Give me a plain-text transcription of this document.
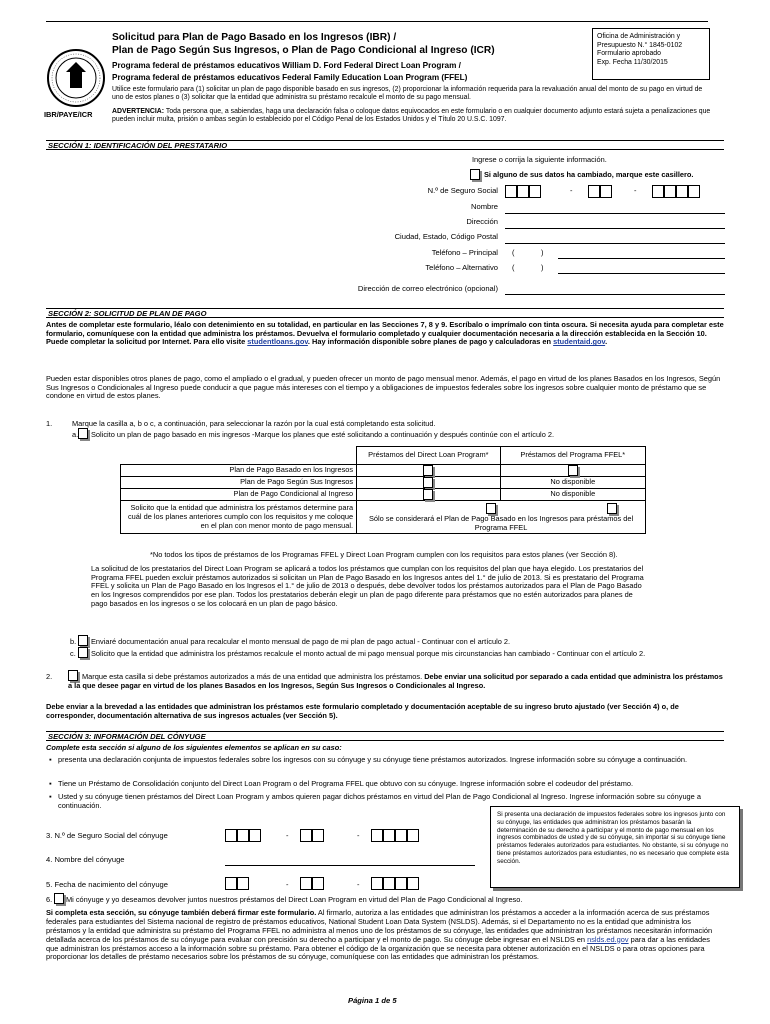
IBR/PAYE/ICR
Solicitud para Plan de Pago Basado en los Ingresos (IBR) /
Plan de Pago Según Sus Ingresos, o Plan de Pago Condicional al Ingreso (ICR)
Programa federal de préstamos educativos William D. Ford Federal Direct Loan Program /
Programa federal de préstamos educativos Federal Family Education Loan Program (FFEL)
Utilice este formulario para (1) solicitar un plan de pago disponible basado en sus ingresos, (2) proporcionar la información requerida para la revaluación anual del monto de su pago en virtud de uno de estos planes o (3) solicitar que la entidad que administra su préstamo recalcule el monto de su pago mensual.
ADVERTENCIA: Toda persona que, a sabiendas, haga una declaración falsa o coloque datos equivocados en este formulario o en cualquier documento adjunto estará sujeta a penalizaciones que pueden incluir multa, prisión o ambas según lo establecido por el Código Penal de los Estados Unidos y el Título 20 U.S.C. 1097.
Oficina de Administración y
Presupuesto N.° 1845-0102
Formulario aprobado
Exp. Fecha 11/30/2015
SECCIÓN 1: IDENTIFICACIÓN DEL PRESTATARIO
Ingrese o corrija la siguiente información.
Si alguno de sus datos ha cambiado, marque este casillero.
N.º de Seguro Social	-	-
Nombre
Dirección
Ciudad, Estado, Código Postal
Teléfono – Principal (	)
Teléfono – Alternativo (	)
Dirección de correo electrónico (opcional)
SECCIÓN 2: SOLICITUD DE PLAN DE PAGO
Antes de completar este formulario, léalo con detenimiento en su totalidad, en particular en las Secciones 7, 8 y 9. Escríbalo o imprímalo con tinta oscura. Si necesita ayuda para completar este formulario, comuníquese con la entidad que administra los préstamos. Devuelva el formulario completado y cualquier documentación necesaria a la dirección establecida en la Sección 10. Puede completar la solicitud por Internet. Para ello visite studentloans.gov. Hay información disponible sobre planes de pago y calculadoras en studentaid.gov.
Pueden estar disponibles otros planes de pago, como el ampliado o el gradual, y pueden ofrecer un monto de pago mensual menor. Además, el pago en virtud de los planes Basados en los Ingresos, Según Sus Ingresos o Condicionales al Ingreso puede conducir a que pague más intereses con el tiempo y a obligaciones de impuestos federales sobre los ingresos sobre cualquier monto de préstamo que se condone en virtud de estos planes.
1.	Marque la casilla a, b o c, a continuación, para seleccionar la razón por la cual está completando esta solicitud.
a. Solicito un plan de pago basado en mis ingresos -Marque los planes que esté solicitando a continuación y después continúe con el artículo 2.
	Préstamos del Direct Loan Program*	Préstamos del Programa FFEL*
Plan de Pago Basado en los Ingresos		
Plan de Pago Según Sus Ingresos		No disponible
Plan de Pago Condicional al Ingreso		No disponible
Solicito que la entidad que administra los préstamos determine para cuál de los planes anteriores cumplo con los requisitos y me coloque en el plan con menor monto de pago mensual.	Sólo se considerará el Plan de Pago Basado en los Ingresos para préstamos del Programa FFEL	
*No todos los tipos de préstamos de los Programas FFEL y Direct Loan Program cumplen con los requisitos para estos planes (ver Sección 8).
La solicitud de los prestatarios del Direct Loan Program se aplicará a todos los préstamos que cumplan con los requisitos del plan que haya elegido. Los prestatarios del Programa FFEL pueden excluir préstamos autorizados si solicitan un Plan de Pago Basado en los Ingresos antes del 1.° de julio de 2013. Si es prestatario del Programa FFEL y solicita un Plan de Pago Basado en los Ingresos el 1.° de julio de 2013 o después, debe devolver todos los préstamos autorizados para el Plan de Pago Basado en los Ingresos comprendidos por ese plan. Todos los prestatarios deberán elegir un plan de pago diferente para préstamos que no estén autorizados para planes de pago basados en los ingresos o se los colocará en un plan de pago básico.
b. Enviaré documentación anual para recalcular el monto mensual de pago de mi plan de pago actual - Continuar con el artículo 2.
c. Solicito que la entidad que administra los préstamos recalcule el monto actual de mi pago mensual porque mis circunstancias han cambiado - Continuar con el artículo 2.
2.	Marque esta casilla si debe préstamos autorizados a más de una entidad que administra los préstamos. Debe enviar una solicitud por separado a cada entidad que administra los préstamos a la que desee pagar en virtud de los planes Basados en los Ingresos, Según Sus Ingresos o Condicionales al Ingreso.
Debe enviar a la brevedad a las entidades que administran los préstamos este formulario completado y documentación aceptable de su ingreso bruto ajustado (ver Sección 4) o, de corresponder, documentación alternativa de sus ingresos actuales (ver Sección 5).
SECCIÓN 3: INFORMACIÓN DEL CÓNYUGE
Complete esta sección si alguno de los siguientes elementos se aplican en su caso:
▪ presenta una declaración conjunta de impuestos federales sobre los ingresos con su cónyuge y su cónyuge tiene préstamos autorizados. Ingrese información sobre su cónyuge a continuación.
▪ Tiene un Préstamo de Consolidación conjunto del Direct Loan Program o del Programa FFEL que obtuvo con su cónyuge. Ingrese información sobre el codeudor del préstamo.
▪ Usted y su cónyuge tienen préstamos del Direct Loan Program y ambos quieren pagar dichos préstamos en virtud del Plan de Pago Condicional al Ingreso. Ingrese información sobre su cónyuge a continuación.
3. N.º de Seguro Social del cónyuge	-	-
4. Nombre del cónyuge
5. Fecha de nacimiento del cónyuge	-	-
6. Mi cónyuge y yo deseamos devolver juntos nuestros préstamos del Direct Loan Program en virtud del Plan de Pago Condicional al Ingreso.
Si presenta una declaración de impuestos federales sobre los ingresos junto con su cónyuge, las entidades que administran los préstamos basarán la determinación de su derecho a participar y el monto de pago mensual en los ingresos combinados de usted y de su cónyuge, sin importar si su cónyuge tiene préstamos federales autorizados para estudiantes. No obstante, si su cónyuge no tiene préstamos autorizados para estudiantes, no es necesario que complete esta sección.
Si completa esta sección, su cónyuge también deberá firmar este formulario. Al firmarlo, autoriza a las entidades que administran los préstamos a acceder a la información acerca de sus préstamos federales para estudiantes del Sistema nacional de registro de préstamos educativos, National Student Loan Data System (NSLDS). Además, si el Departamento no es la entidad que administra los préstamos y la entidad que administra su préstamo del Programa FFEL no administra al menos uno de los préstamos de su cónyuge, las entidades que administran los préstamos necesitarán información detallada acerca de los préstamos de su cónyuge para evaluar con precisión su derecho a participar y el monto de pago. Su cónyuge debe ingresar en el NSLDS en nslds.ed.gov para dar a las entidades que administran los préstamos acceso a la información sobre su préstamo. Para obtener el código de la organización que se necesita para obtener autorización en el NSLDS o para otras opciones para proporcionar los detalles de préstamo necesarios sobre los préstamos de su cónyuge, comuníquese con las entidades que administran los préstamos.
Página 1 de 5
